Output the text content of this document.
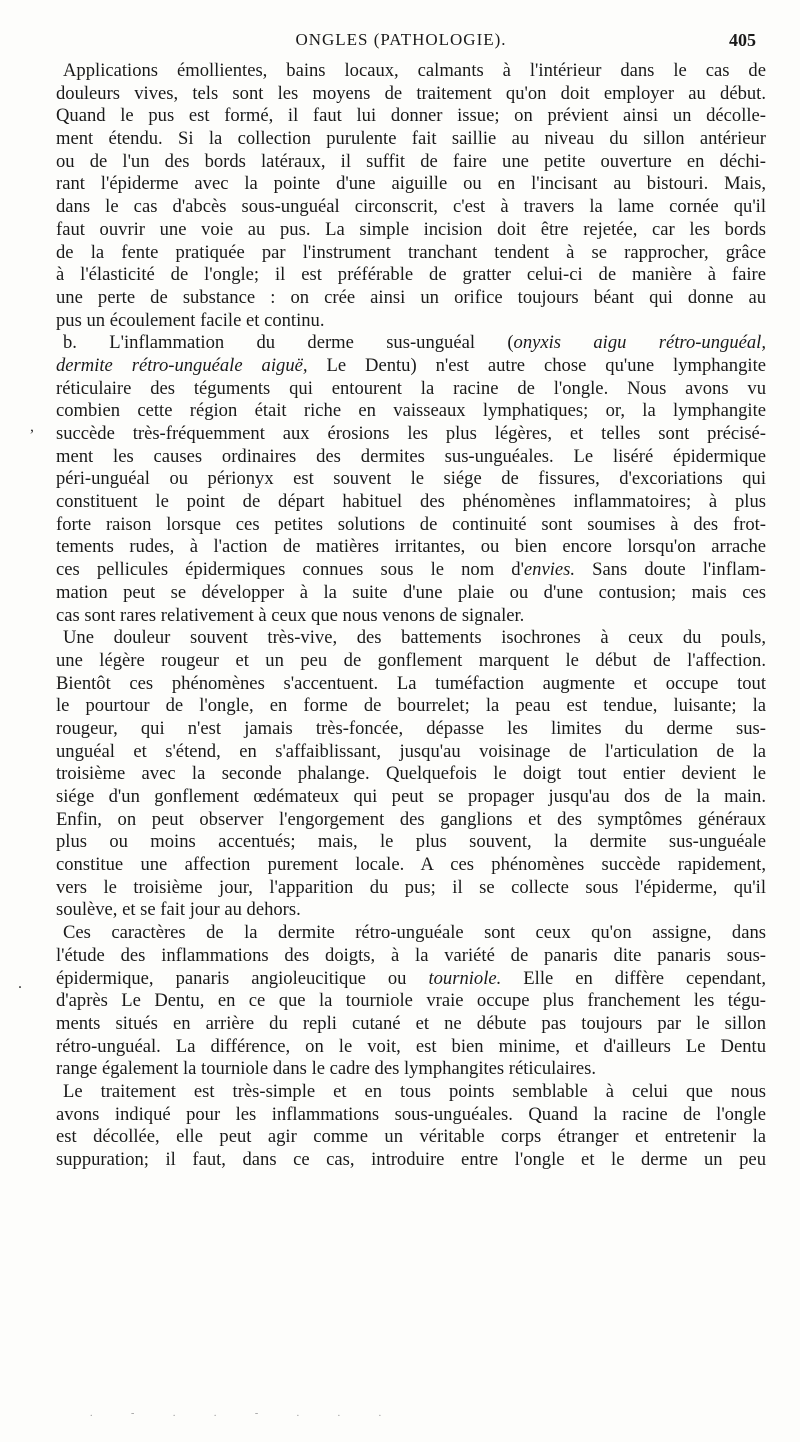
ONGLES (PATHOLOGIE).	405
,
.
Applications émollientes, bains locaux, calmants à l'intérieur dans le cas de
douleurs vives, tels sont les moyens de traitement qu'on doit employer au début.
Quand le pus est formé, il faut lui donner issue; on prévient ainsi un décolle-
ment étendu. Si la collection purulente fait saillie au niveau du sillon antérieur
ou de l'un des bords latéraux, il suffit de faire une petite ouverture en déchi-
rant l'épiderme avec la pointe d'une aiguille ou en l'incisant au bistouri. Mais,
dans le cas d'abcès sous-unguéal circonscrit, c'est à travers la lame cornée qu'il
faut ouvrir une voie au pus. La simple incision doit être rejetée, car les bords
de la fente pratiquée par l'instrument tranchant tendent à se rapprocher, grâce
à l'élasticité de l'ongle; il est préférable de gratter celui-ci de manière à faire
une perte de substance : on crée ainsi un orifice toujours béant qui donne au
pus un écoulement facile et continu.
b. L'inflammation du derme sus-unguéal (onyxis aigu rétro-unguéal,
dermite rétro-unguéale aiguë, Le Dentu) n'est autre chose qu'une lymphangite
réticulaire des téguments qui entourent la racine de l'ongle. Nous avons vu
combien cette région était riche en vaisseaux lymphatiques; or, la lymphangite
succède très-fréquemment aux érosions les plus légères, et telles sont précisé-
ment les causes ordinaires des dermites sus-unguéales. Le liséré épidermique
péri-unguéal ou périonyx est souvent le siége de fissures, d'excoriations qui
constituent le point de départ habituel des phénomènes inflammatoires; à plus
forte raison lorsque ces petites solutions de continuité sont soumises à des frot-
tements rudes, à l'action de matières irritantes, ou bien encore lorsqu'on arrache
ces pellicules épidermiques connues sous le nom d'envies. Sans doute l'inflam-
mation peut se développer à la suite d'une plaie ou d'une contusion; mais ces
cas sont rares relativement à ceux que nous venons de signaler.
Une douleur souvent très-vive, des battements isochrones à ceux du pouls,
une légère rougeur et un peu de gonflement marquent le début de l'affection.
Bientôt ces phénomènes s'accentuent. La tuméfaction augmente et occupe tout
le pourtour de l'ongle, en forme de bourrelet; la peau est tendue, luisante; la
rougeur, qui n'est jamais très-foncée, dépasse les limites du derme sus-
unguéal et s'étend, en s'affaiblissant, jusqu'au voisinage de l'articulation de la
troisième avec la seconde phalange. Quelquefois le doigt tout entier devient le
siége d'un gonflement œdémateux qui peut se propager jusqu'au dos de la main.
Enfin, on peut observer l'engorgement des ganglions et des symptômes généraux
plus ou moins accentués; mais, le plus souvent, la dermite sus-unguéale
constitue une affection purement locale. A ces phénomènes succède rapidement,
vers le troisième jour, l'apparition du pus; il se collecte sous l'épiderme, qu'il
soulève, et se fait jour au dehors.
Ces caractères de la dermite rétro-unguéale sont ceux qu'on assigne, dans
l'étude des inflammations des doigts, à la variété de panaris dite panaris sous-
épidermique, panaris angioleucitique ou tourniole. Elle en diffère cependant,
d'après Le Dentu, en ce que la tourniole vraie occupe plus franchement les tégu-
ments situés en arrière du repli cutané et ne débute pas toujours par le sillon
rétro-unguéal. La différence, on le voit, est bien minime, et d'ailleurs Le Dentu
range également la tourniole dans le cadre des lymphangites réticulaires.
Le traitement est très-simple et en tous points semblable à celui que nous
avons indiqué pour les inflammations sous-unguéales. Quand la racine de l'ongle
est décollée, elle peut agir comme un véritable corps étranger et entretenir la
suppuration; il faut, dans ce cas, introduire entre l'ongle et le derme un peu
. - . . - . . .
